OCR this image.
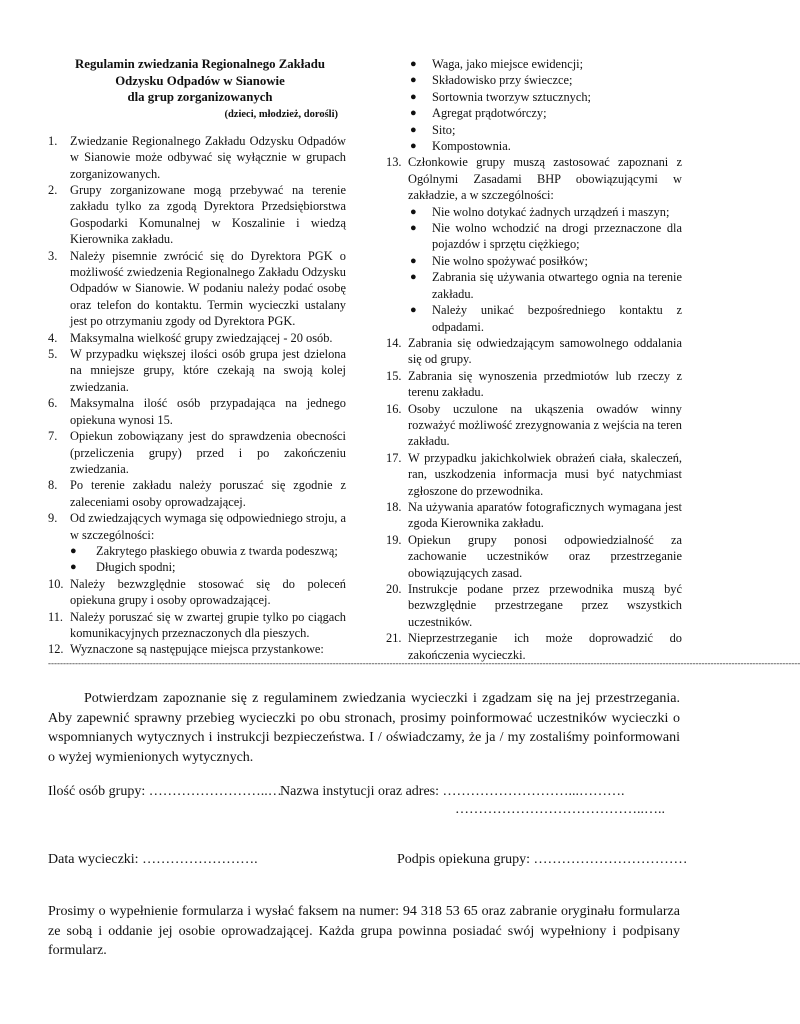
Regulamin zwiedzania Regionalnego Zakładu
Odzysku Odpadów w Sianowie
dla grup zorganizowanych
(dzieci, młodzież, dorośli)
1. Zwiedzanie Regionalnego Zakładu Odzysku Odpadów w Sianowie może odbywać się wyłącznie w grupach zorganizowanych.
2. Grupy zorganizowane mogą przebywać na terenie zakładu tylko za zgodą Dyrektora Przedsiębiorstwa Gospodarki Komunalnej w Koszalinie i wiedzą Kierownika zakładu.
3. Należy pisemnie zwrócić się do Dyrektora PGK o możliwość zwiedzenia Regionalnego Zakładu Odzysku Odpadów w Sianowie. W podaniu należy podać osobę oraz telefon do kontaktu. Termin wycieczki ustalany jest po otrzymaniu zgody od Dyrektora PGK.
4. Maksymalna wielkość grupy zwiedzającej - 20 osób.
5. W przypadku większej ilości osób grupa jest dzielona na mniejsze grupy, które czekają na swoją kolej zwiedzania.
6. Maksymalna ilość osób przypadająca na jednego opiekuna wynosi 15.
7. Opiekun zobowiązany jest do sprawdzenia obecności (przeliczenia grupy) przed i po zakończeniu zwiedzania.
8. Po terenie zakładu należy poruszać się zgodnie z zaleceniami osoby oprowadzającej.
9. Od zwiedzających wymaga się odpowiedniego stroju, a w szczególności:
● Zakrytego płaskiego obuwia z twarda podeszwą;
● Długich spodni;
10. Należy bezwzględnie stosować się do poleceń opiekuna grupy i osoby oprowadzającej.
11. Należy poruszać się w zwartej grupie tylko po ciągach komunikacyjnych przeznaczonych dla pieszych.
12. Wyznaczone są następujące miejsca przystankowe:
● Waga, jako miejsce ewidencji;
● Składowisko przy świeczce;
● Sortownia tworzyw sztucznych;
● Agregat prądotwórczy;
● Sito;
● Kompostownia.
13. Członkowie grupy muszą zastosować zapoznani z Ogólnymi Zasadami BHP obowiązującymi w zakładzie, a w szczególności:
● Nie wolno dotykać żadnych urządzeń i maszyn;
● Nie wolno wchodzić na drogi przeznaczone dla pojazdów i sprzętu ciężkiego;
● Nie wolno spożywać posiłków;
● Zabrania się używania otwartego ognia na terenie zakładu.
● Należy unikać bezpośredniego kontaktu z odpadami.
14. Zabrania się odwiedzającym samowolnego oddalania się od grupy.
15. Zabrania się wynoszenia przedmiotów lub rzeczy z terenu zakładu.
16. Osoby uczulone na ukąszenia owadów winny rozważyć możliwość zrezygnowania z wejścia na teren zakładu.
17. W przypadku jakichkolwiek obrażeń ciała, skaleczeń, ran, uszkodzenia informacja musi być natychmiast zgłoszone do przewodnika.
18. Na używania aparatów fotograficznych wymagana jest zgoda Kierownika zakładu.
19. Opiekun grupy ponosi odpowiedzialność za zachowanie uczestników oraz przestrzeganie obowiązujących zasad.
20. Instrukcje podane przez przewodnika muszą być bezwzględnie przestrzegane przez wszystkich uczestników.
21. Nieprzestrzeganie ich może doprowadzić do zakończenia wycieczki.
-----------------------------------------------------------------------------------------------------------------------------------------------------------------------------------------------------------------------------------------------------------

Potwierdzam zapoznanie się z regulaminem zwiedzania wycieczki i zgadzam się na jej przestrzegania. Aby zapewnić sprawny przebieg wycieczki po obu stronach, prosimy poinformować uczestników wycieczki o wspomnianych wytycznych i instrukcji bezpieczeństwa. I / oświadczamy, że ja / my zostaliśmy poinformowani o wyżej wymienionych wytycznych.

Ilość osób grupy: ……………………..…
Nazwa instytucji oraz adres: ………………………...……….
…………………………………..…..
Data wycieczki: …………………….	Podpis opiekuna grupy: ……………………………

Prosimy o wypełnienie formularza i wysłać faksem na numer: 94 318 53 65 oraz zabranie oryginału formularza ze sobą i oddanie jej osobie oprowadzającej. Każda grupa powinna posiadać swój wypełniony i podpisany formularz.
